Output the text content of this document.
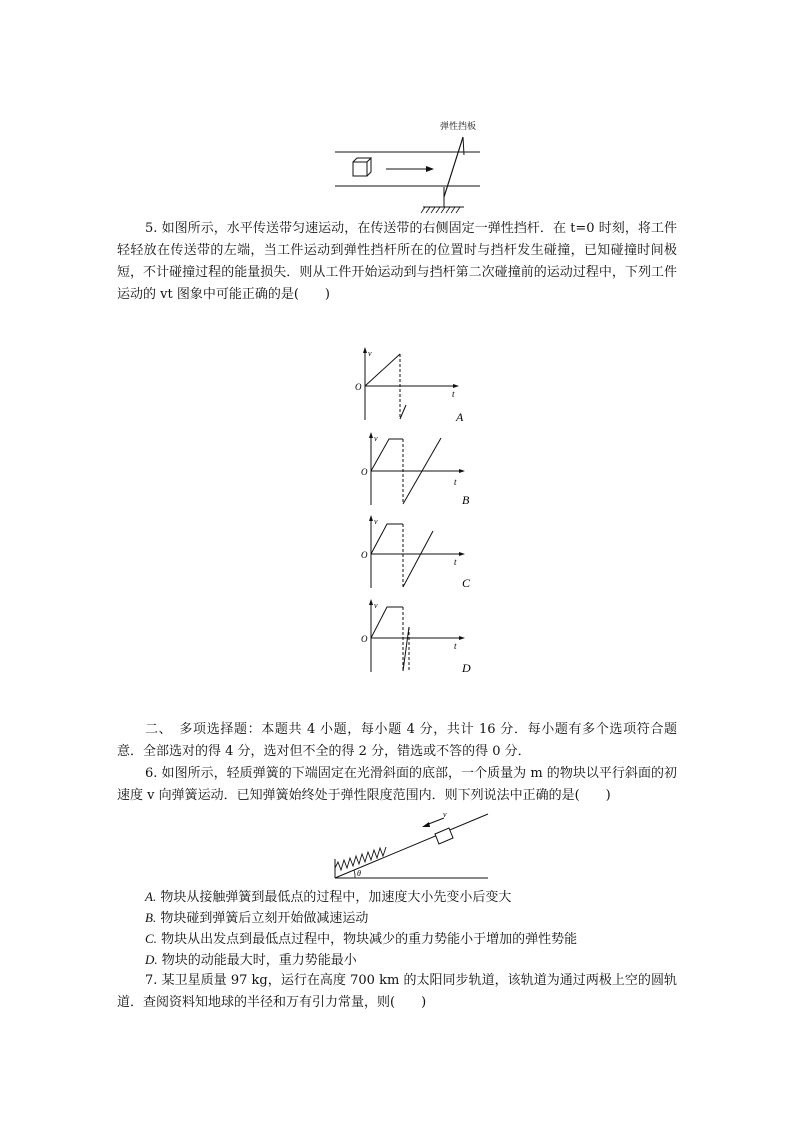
弹性挡板
5. 如图所示，水平传送带匀速运动，在传送带的右侧固定一弹性挡杆．在 t=0 时刻，将工件轻轻放在传送带的左端，当工件运动到弹性挡杆所在的位置时与挡杆发生碰撞，已知碰撞时间极短，不计碰撞过程的能量损失．则从工件开始运动到与挡杆第二次碰撞前的运动过程中，下列工件运动的 vt 图象中可能正确的是(　　)
v
O
t
A
v
O
t
B
v
O
t
C
v
O
t
D
二、　多项选择题：本题共 4 小题，每小题 4 分，共计 16 分．每小题有多个选项符合题意．全部选对的得 4 分，选对但不全的得 2 分，错选或不答的得 0 分．
6. 如图所示，轻质弹簧的下端固定在光滑斜面的底部，一个质量为 m 的物块以平行斜面的初速度 v 向弹簧运动．已知弹簧始终处于弹性限度范围内．则下列说法中正确的是(　　)
v
θ
A. 物块从接触弹簧到最低点的过程中，加速度大小先变小后变大
B. 物块碰到弹簧后立刻开始做减速运动
C. 物块从出发点到最低点过程中，物块减少的重力势能小于增加的弹性势能
D. 物块的动能最大时，重力势能最小
7. 某卫星质量 97 kg，运行在高度 700 km 的太阳同步轨道，该轨道为通过两极上空的圆轨道．查阅资料知地球的半径和万有引力常量，则(　　)
